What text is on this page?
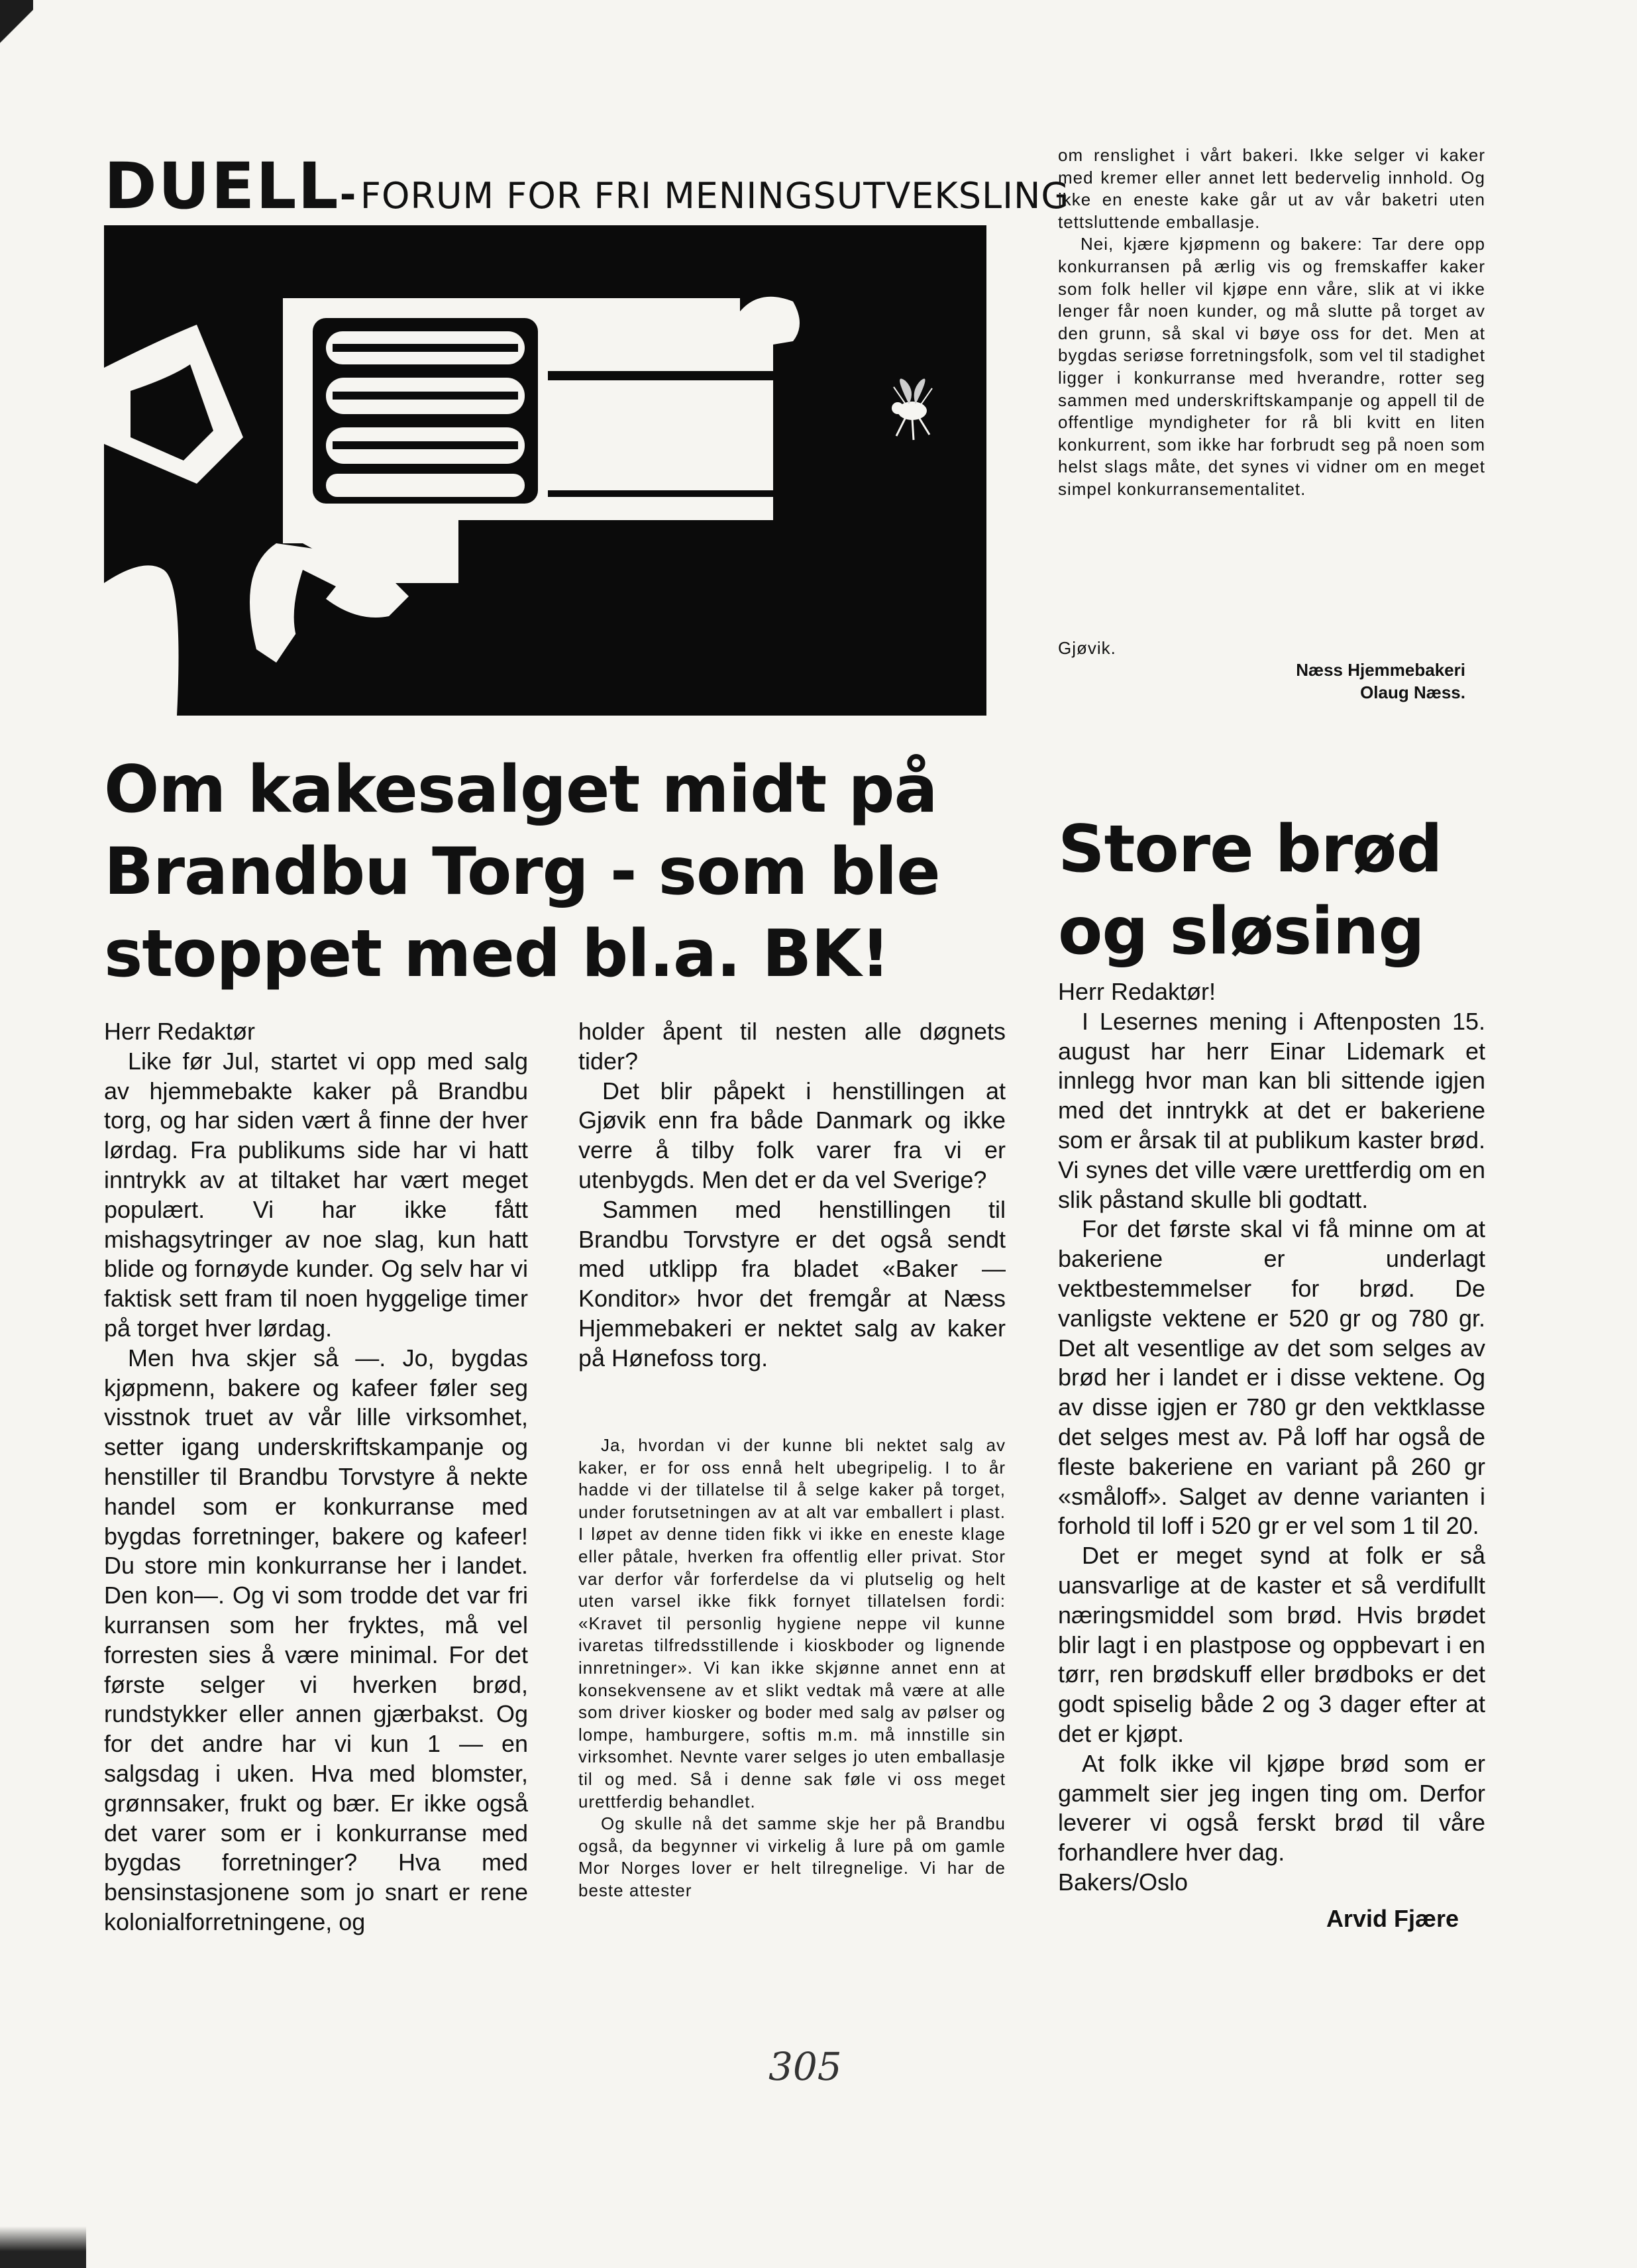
DUELL- FORUM FOR FRI MENINGSUTVEKSLING
Om kakesalget midt på
Brandbu Torg - som ble
stoppet med bl.a. BK!

Herr Redaktør

Like før Jul, startet vi opp med salg av hjemmebakte kaker på Brandbu torg, og har siden vært å finne der hver lørdag. Fra publikums side har vi hatt inntrykk av at tiltaket har vært meget populært. Vi har ikke fått mishagsytringer av noe slag, kun hatt blide og fornøyde kunder. Og selv har vi faktisk sett fram til noen hyggelige timer på torget hver lørdag.

Men hva skjer så —. Jo, bygdas kjøpmenn, bakere og kafeer føler seg visstnok truet av vår lille virksomhet, setter igang underskriftskampanje og henstiller til Brandbu Torvstyre å nekte handel som er konkurranse med bygdas forretninger, bakere og kafeer! Du store min konkurranse her i landet. Den kon—. Og vi som trodde det var fri kurransen som her fryktes, må vel forresten sies å være minimal. For det første selger vi hverken brød, rundstykker eller annen gjærbakst. Og for det andre har vi kun 1 — en salgsdag i uken. Hva med blomster, grønnsaker, frukt og bær. Er ikke også det varer som er i konkurranse med bygdas forretninger? Hva med bensinstasjonene som jo snart er rene kolonialforretningene, og

holder åpent til nesten alle døgnets tider?

Det blir påpekt i henstillingen at Gjøvik enn fra både Danmark og ikke verre å tilby folk varer fra vi er utenbygds. Men det er da vel Sverige?

Sammen med henstillingen til Brandbu Torvstyre er det også sendt med utklipp fra bladet «Baker — Konditor» hvor det fremgår at Næss Hjemmebakeri er nektet salg av kaker på Hønefoss torg.

Ja, hvordan vi der kunne bli nektet salg av kaker, er for oss ennå helt ubegripelig. I to år hadde vi der tillatelse til å selge kaker på torget, under forutsetningen av at alt var emballert i plast. I løpet av denne tiden fikk vi ikke en eneste klage eller påtale, hverken fra offentlig eller privat. Stor var derfor vår forferdelse da vi plutselig og helt uten varsel ikke fikk fornyet tillatelsen fordi: «Kravet til personlig hygiene neppe vil kunne ivaretas tilfredsstillende i kioskboder og lignende innretninger». Vi kan ikke skjønne annet enn at konsekvensene av et slikt vedtak må være at alle som driver kiosker og boder med salg av pølser og lompe, hamburgere, softis m.m. må innstille sin virksomhet. Nevnte varer selges jo uten emballasje til og med. Så i denne sak føle vi oss meget urettferdig behandlet.

Og skulle nå det samme skje her på Brandbu også, da begynner vi virkelig å lure på om gamle Mor Norges lover er helt tilregnelige. Vi har de beste attester

om renslighet i vårt bakeri. Ikke selger vi kaker med kremer eller annet lett bedervelig innhold. Og ikke en eneste kake går ut av vår baketri uten tettsluttende emballasje.

Nei, kjære kjøpmenn og bakere: Tar dere opp konkurransen på ærlig vis og fremskaffer kaker som folk heller vil kjøpe enn våre, slik at vi ikke lenger får noen kunder, og må slutte på torget av den grunn, så skal vi bøye oss for det. Men at bygdas seriøse forretningsfolk, som vel til stadighet ligger i konkurranse med hverandre, rotter seg sammen med underskriftskampanje og appell til de offentlige myndigheter for rå bli kvitt en liten konkurrent, som ikke har forbrudt seg på noen som helst slags måte, det synes vi vidner om en meget simpel konkurransementalitet.

Gjøvik.
Næss Hjemmebakeri
Olaug Næss.
Store brød
og sløsing

Herr Redaktør!

I Lesernes mening i Aftenposten 15. august har herr Einar Lidemark et innlegg hvor man kan bli sittende igjen med det inntrykk at det er bakeriene som er årsak til at publikum kaster brød. Vi synes det ville være urettferdig om en slik påstand skulle bli godtatt.

For det første skal vi få minne om at bakeriene er underlagt vektbestemmelser for brød. De vanligste vektene er 520 gr og 780 gr. Det alt vesentlige av det som selges av brød her i landet er i disse vektene. Og av disse igjen er 780 gr den vektklasse det selges mest av. På loff har også de fleste bakeriene en variant på 260 gr «småloff». Salget av denne varianten i forhold til loff i 520 gr er vel som 1 til 20.

Det er meget synd at folk er så uansvarlige at de kaster et så verdifullt næringsmiddel som brød. Hvis brødet blir lagt i en plastpose og oppbevart i en tørr, ren brødskuff eller brødboks er det godt spiselig både 2 og 3 dager efter at det er kjøpt.

At folk ikke vil kjøpe brød som er gammelt sier jeg ingen ting om. Derfor leverer vi også ferskt brød til våre forhandlere hver dag.

Bakers/Oslo

Arvid Fjære
305
